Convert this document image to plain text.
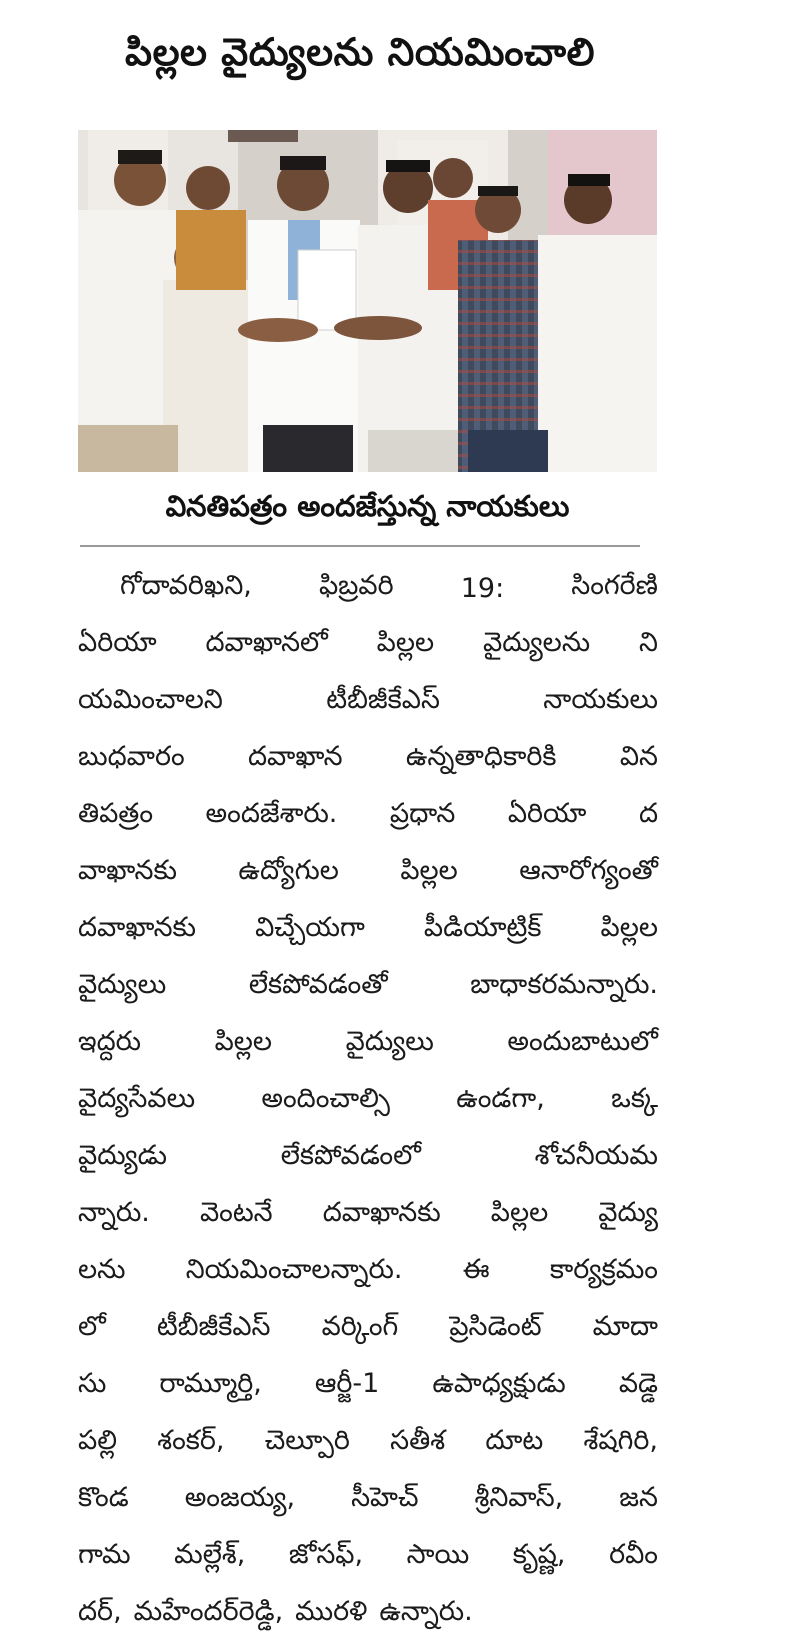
పిల్లల వైద్యులను నియమించాలి
వినతిపత్రం అందజేస్తున్న నాయకులు
గోదావరిఖని, ఫిబ్రవరి 19: సింగరేణి
ఏరియా దవాఖానలో పిల్లల వైద్యులను ని
యమించాలని	టీబీజీకేఎస్	నాయకులు
బుధవారం దవాఖాన ఉన్నతాధికారికి విన
తిపత్రం అందజేశారు. ప్రధాన ఏరియా ద
వాఖానకు ఉద్యోగుల పిల్లల ఆనారోగ్యంతో
దవాఖానకు విచ్చేయగా పీడియాట్రిక్ పిల్లల
వైద్యులు	లేకపోవడంతో	బాధాకరమన్నారు.
ఇద్దరు	పిల్లల	వైద్యులు	అందుబాటులో
వైద్యసేవలు అందించాల్సి ఉండగా, ఒక్క
వైద్యుడు	లేకపోవడంలో	శోచనీయమ
న్నారు. వెంటనే దవాఖానకు పిల్లల వైద్యు
లను నియమించాలన్నారు. ఈ కార్యక్రమం
లో టీబీజీకేఎస్ వర్కింగ్ ప్రెసిడెంట్ మాదా
సు రామ్మూర్తి, ఆర్జీ-1 ఉపాధ్యక్షుడు వడ్డె
పల్లి శంకర్, చెల్పూరి సతీశ దూట శేషగిరి,
కొండ అంజయ్య, సీహెచ్ శ్రీనివాస్, జన
గామ మల్లేశ్, జోసఫ్, సాయి కృష్ణ, రవీం
దర్, మహేందర్‌రెడ్డి, మురళి ఉన్నారు.
